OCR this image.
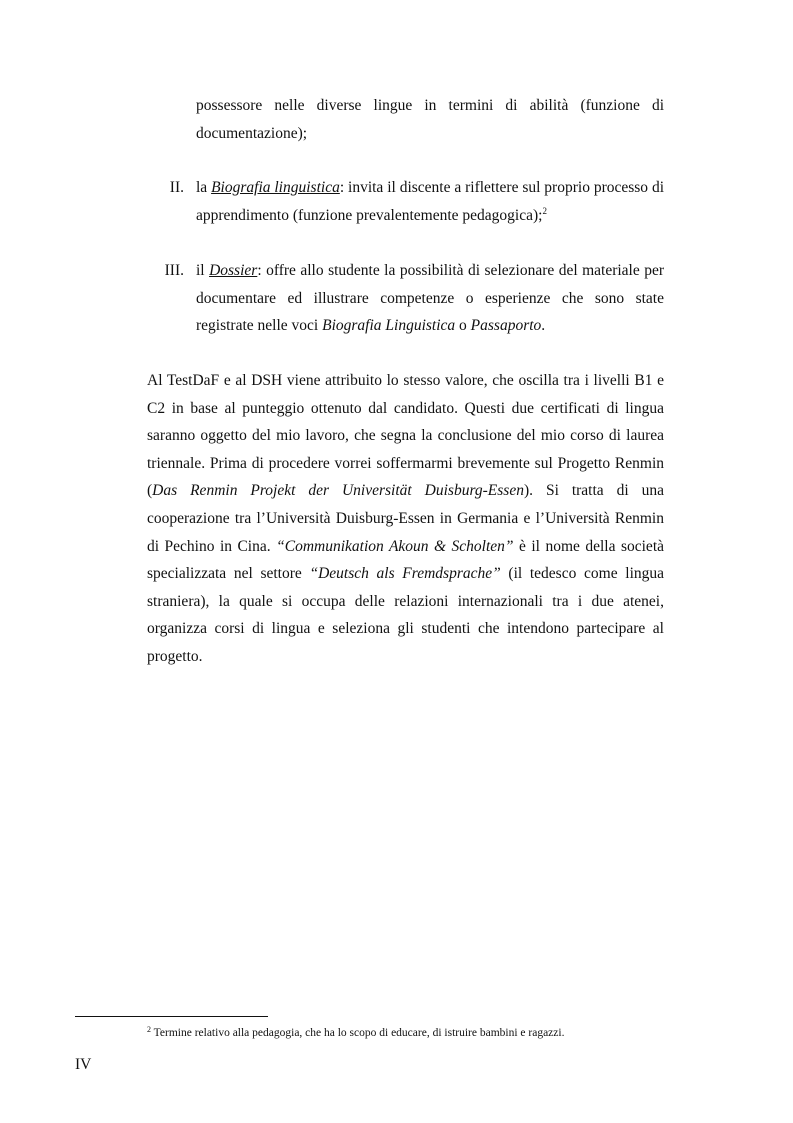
possessore nelle diverse lingue in termini di abilità (funzione di documentazione);
II. la Biografia linguistica: invita il discente a riflettere sul proprio processo di apprendimento (funzione prevalentemente pedagogica);$^2$
III. il Dossier: offre allo studente la possibilità di selezionare del materiale per documentare ed illustrare competenze o esperienze che sono state registrate nelle voci Biografia Linguistica o Passaporto.

Al TestDaF e al DSH viene attribuito lo stesso valore, che oscilla tra i livelli B1 e C2 in base al punteggio ottenuto dal candidato. Questi due certificati di lingua saranno oggetto del mio lavoro, che segna la conclusione del mio corso di laurea triennale. Prima di procedere vorrei soffermarmi brevemente sul Progetto Renmin (Das Renmin Projekt der Universität Duisburg-Essen). Si tratta di una cooperazione tra l’Università Duisburg-Essen in Germania e l’Università Renmin di Pechino in Cina. “Communikation Akoun & Scholten” è il nome della società specializzata nel settore “Deutsch als Fremdsprache” (il tedesco come lingua straniera), la quale si occupa delle relazioni internazionali tra i due atenei, organizza corsi di lingua e seleziona gli studenti che intendono partecipare al progetto.

$^2$ Termine relativo alla pedagogia, che ha lo scopo di educare, di istruire bambini e ragazzi.
IV
